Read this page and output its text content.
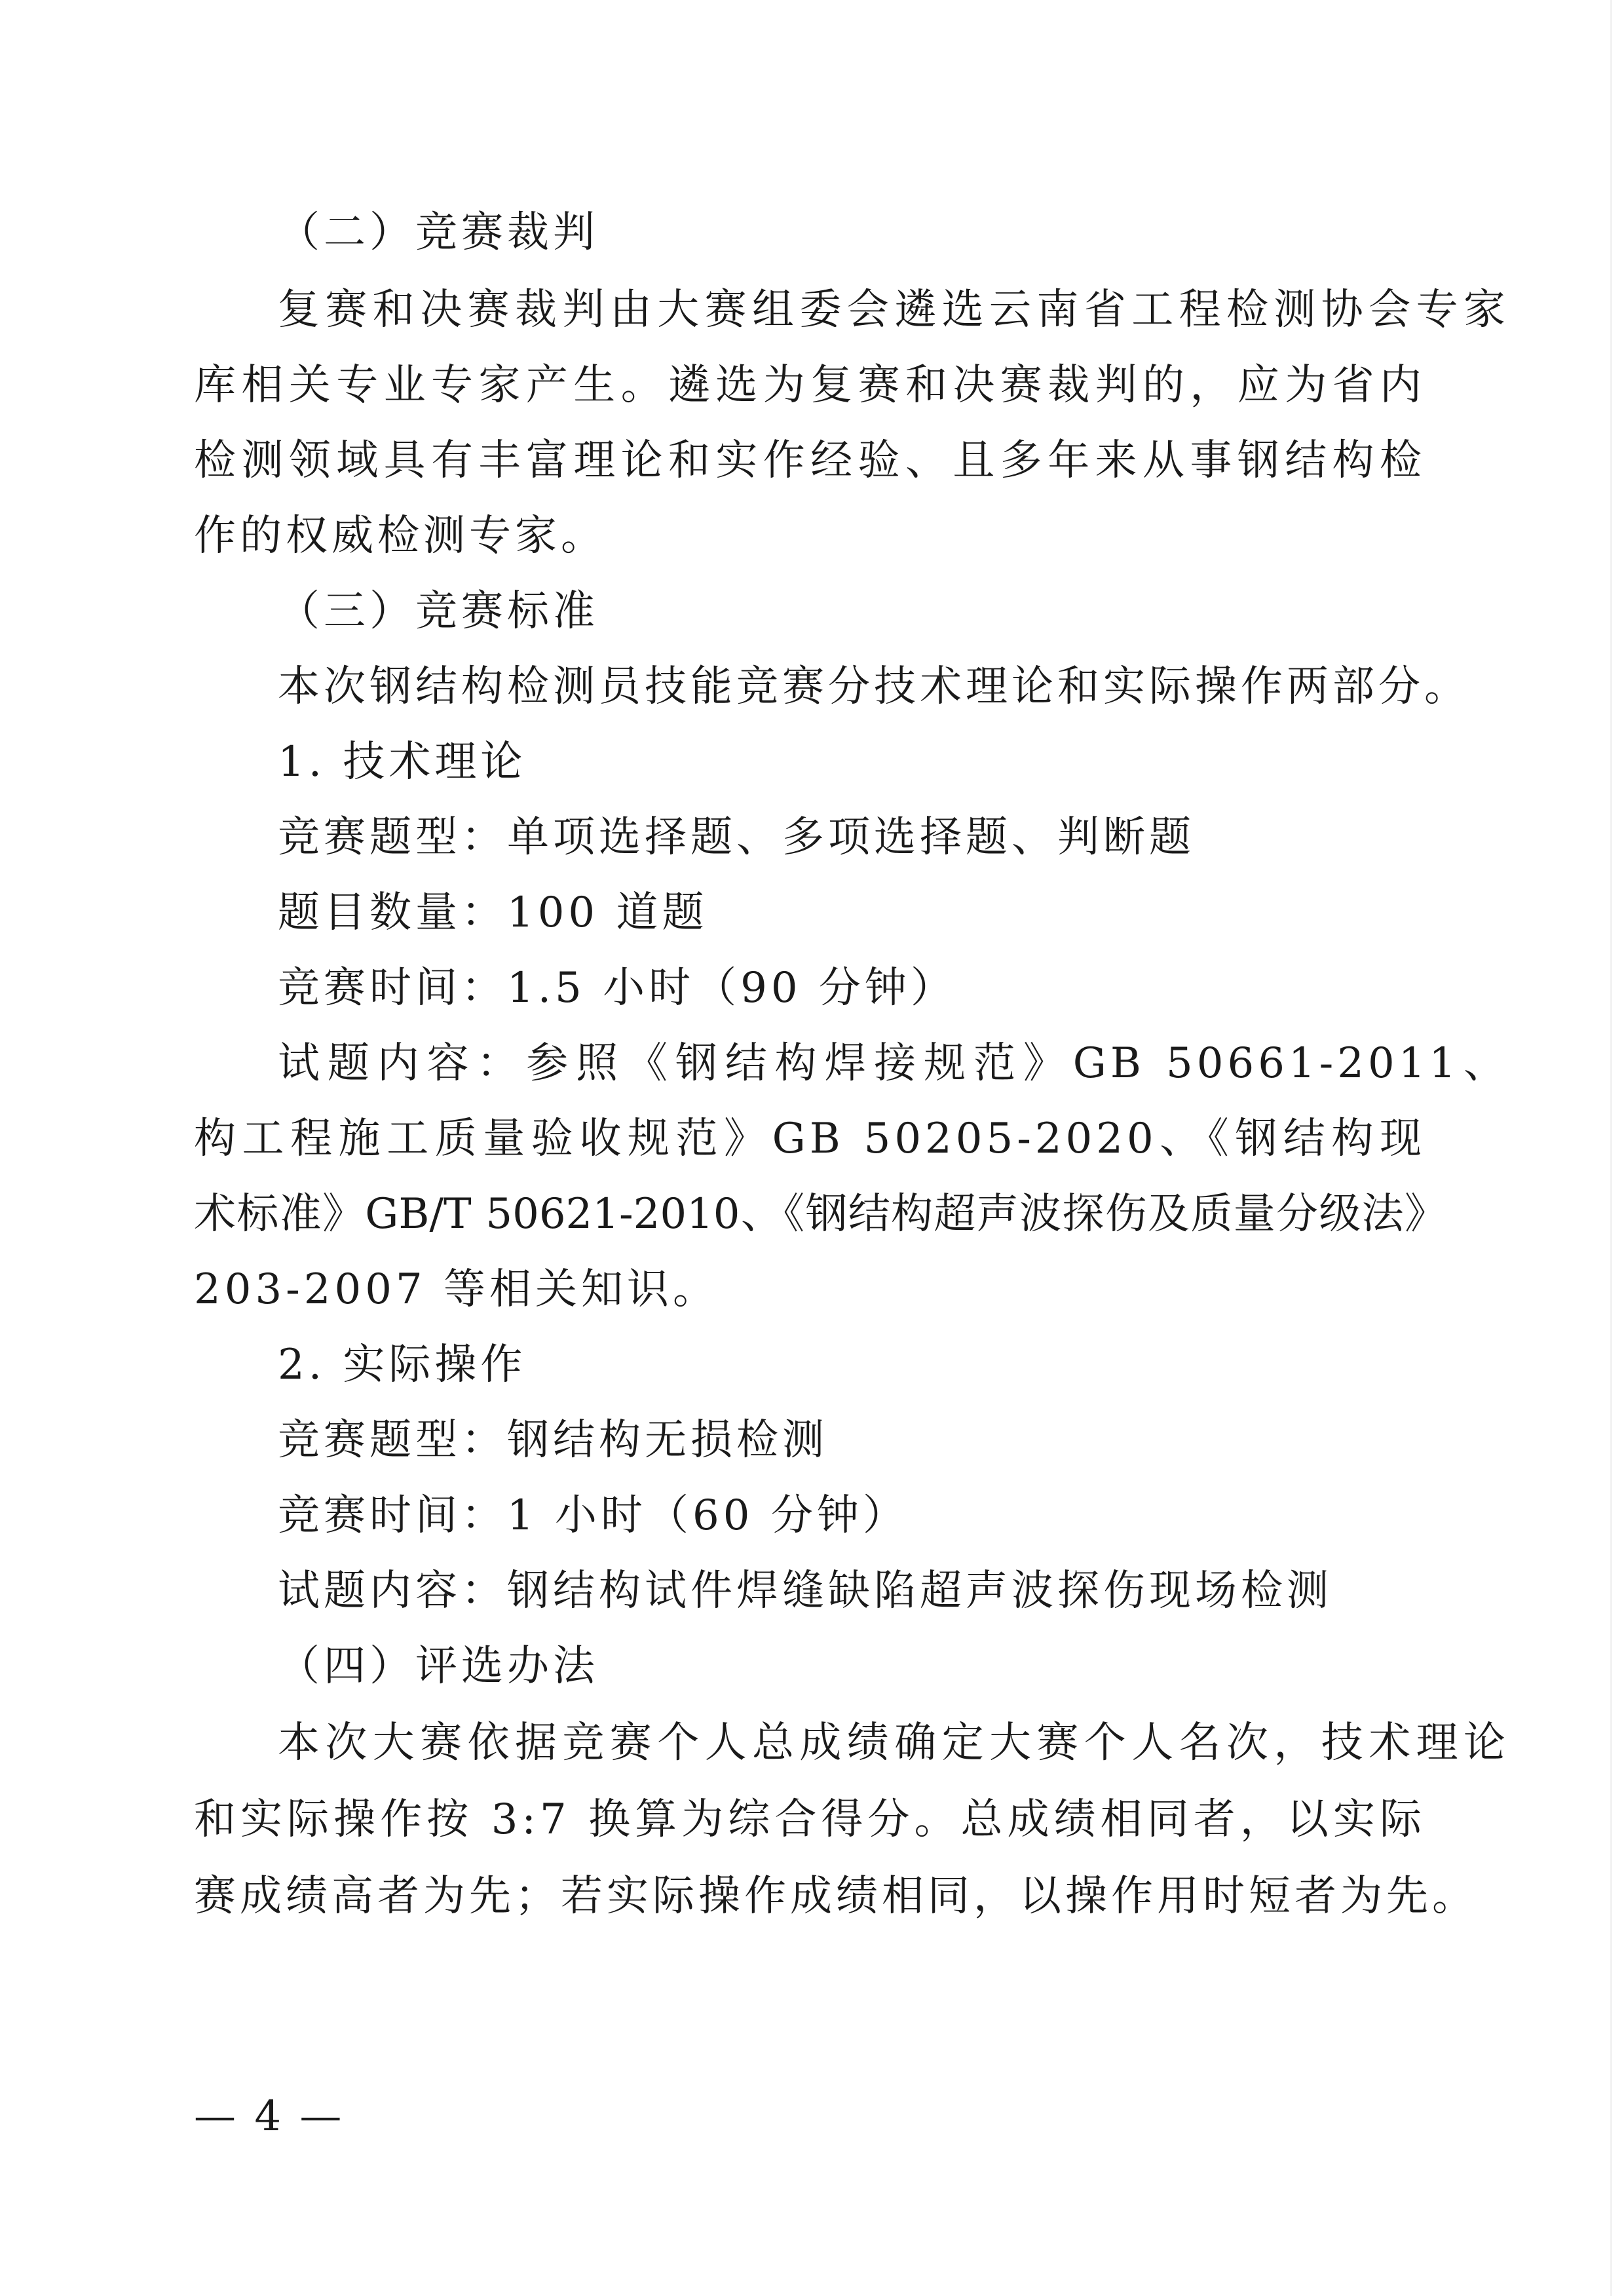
（二）竞赛裁判
复赛和决赛裁判由大赛组委会遴选云南省工程检测协会专家
库相关专业专家产生。遴选为复赛和决赛裁判的，应为省内
检测领域具有丰富理论和实作经验、且多年来从事钢结构检
作的权威检测专家。
（三）竞赛标准
本次钢结构检测员技能竞赛分技术理论和实际操作两部分。
1. 技术理论
竞赛题型：单项选择题、多项选择题、判断题
题目数量：100 道题
竞赛时间：1.5 小时（90 分钟）
试题内容：参照《钢结构焊接规范》GB 50661-2011、
构工程施工质量验收规范》GB 50205-2020、《钢结构现
术标准》GB/T 50621-2010、《钢结构超声波探伤及质量分级法》
203-2007 等相关知识。
2. 实际操作
竞赛题型：钢结构无损检测
竞赛时间：1 小时（60 分钟）
试题内容：钢结构试件焊缝缺陷超声波探伤现场检测
（四）评选办法
本次大赛依据竞赛个人总成绩确定大赛个人名次，技术理论
和实际操作按 3:7 换算为综合得分。总成绩相同者，以实际
赛成绩高者为先；若实际操作成绩相同，以操作用时短者为先。
— 4 —
